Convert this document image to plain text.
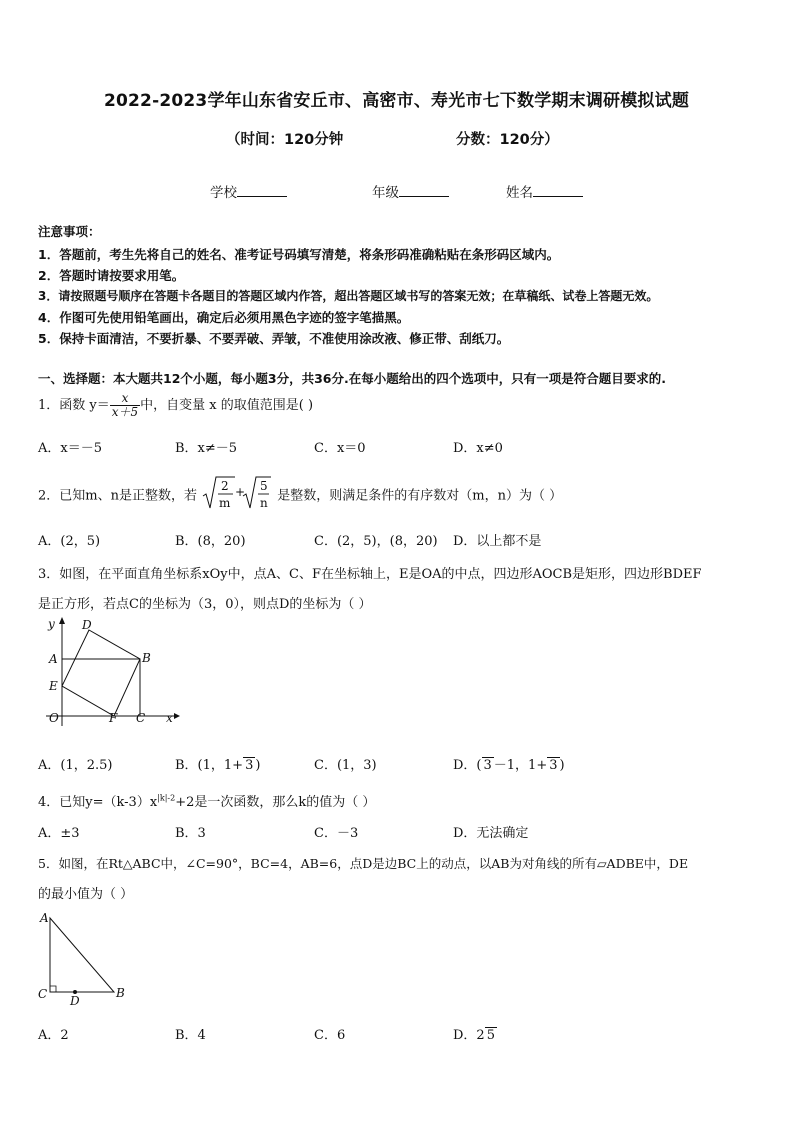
2022-2023学年山东省安丘市、高密市、寿光市七下数学期末调研模拟试题
（时间：120分钟	分数：120分）
学校	年级	姓名
注意事项：
1．答题前，考生先将自己的姓名、准考证号码填写清楚，将条形码准确粘贴在条形码区域内。
2．答题时请按要求用笔。
3．请按照题号顺序在答题卡各题目的答题区域内作答，超出答题区域书写的答案无效；在草稿纸、试卷上答题无效。
4．作图可先使用铅笔画出，确定后必须用黑色字迹的签字笔描黑。
5．保持卡面清洁，不要折暴、不要弄破、弄皱，不准使用涂改液、修正带、刮纸刀。
一、选择题：本大题共12个小题，每小题3分，共36分.在每小题给出的四个选项中，只有一项是符合题目要求的.
1．函数 $y= \frac{x}{x+5}$ 中，自变量 x 的取值范围是( )
A．x＝－5	B．x≠－5	C．x＝0	D．x≠0
2．已知m、n是正整数，若
2
m
+ 5
n 是整数，则满足条件的有序数对（m，n）为（ ）
A．(2，5)	B．(8，20)	C．(2，5)，(8，20) D．以上都不是
3．如图，在平面直角坐标系xOy中，点A、C、F在坐标轴上，E是OA的中点，四边形AOCB是矩形，四边形BDEF
是正方形，若点C的坐标为（3，0），则点D的坐标为（ ）
y
x
O
A	B
C
D
E
F
A．(1，2.5)	B．(1，1+ 3 )	C．(1，3)	D．( 3 －1，1+ 3 )
4．已知$y=(k-3)x^{|k|-2}+2$是一次函数，那么k的值为（ ）
A．±3	B．3	C．－3	D．无法确定
5．如图，在Rt△ABC中，∠C=90°，BC=4，AB=6，点D是边BC上的动点，以AB为对角线的所有▱ADBE中，DE
的最小值为（ ）
A
C D
B
A．2	B．4	C．6	D．2 5
